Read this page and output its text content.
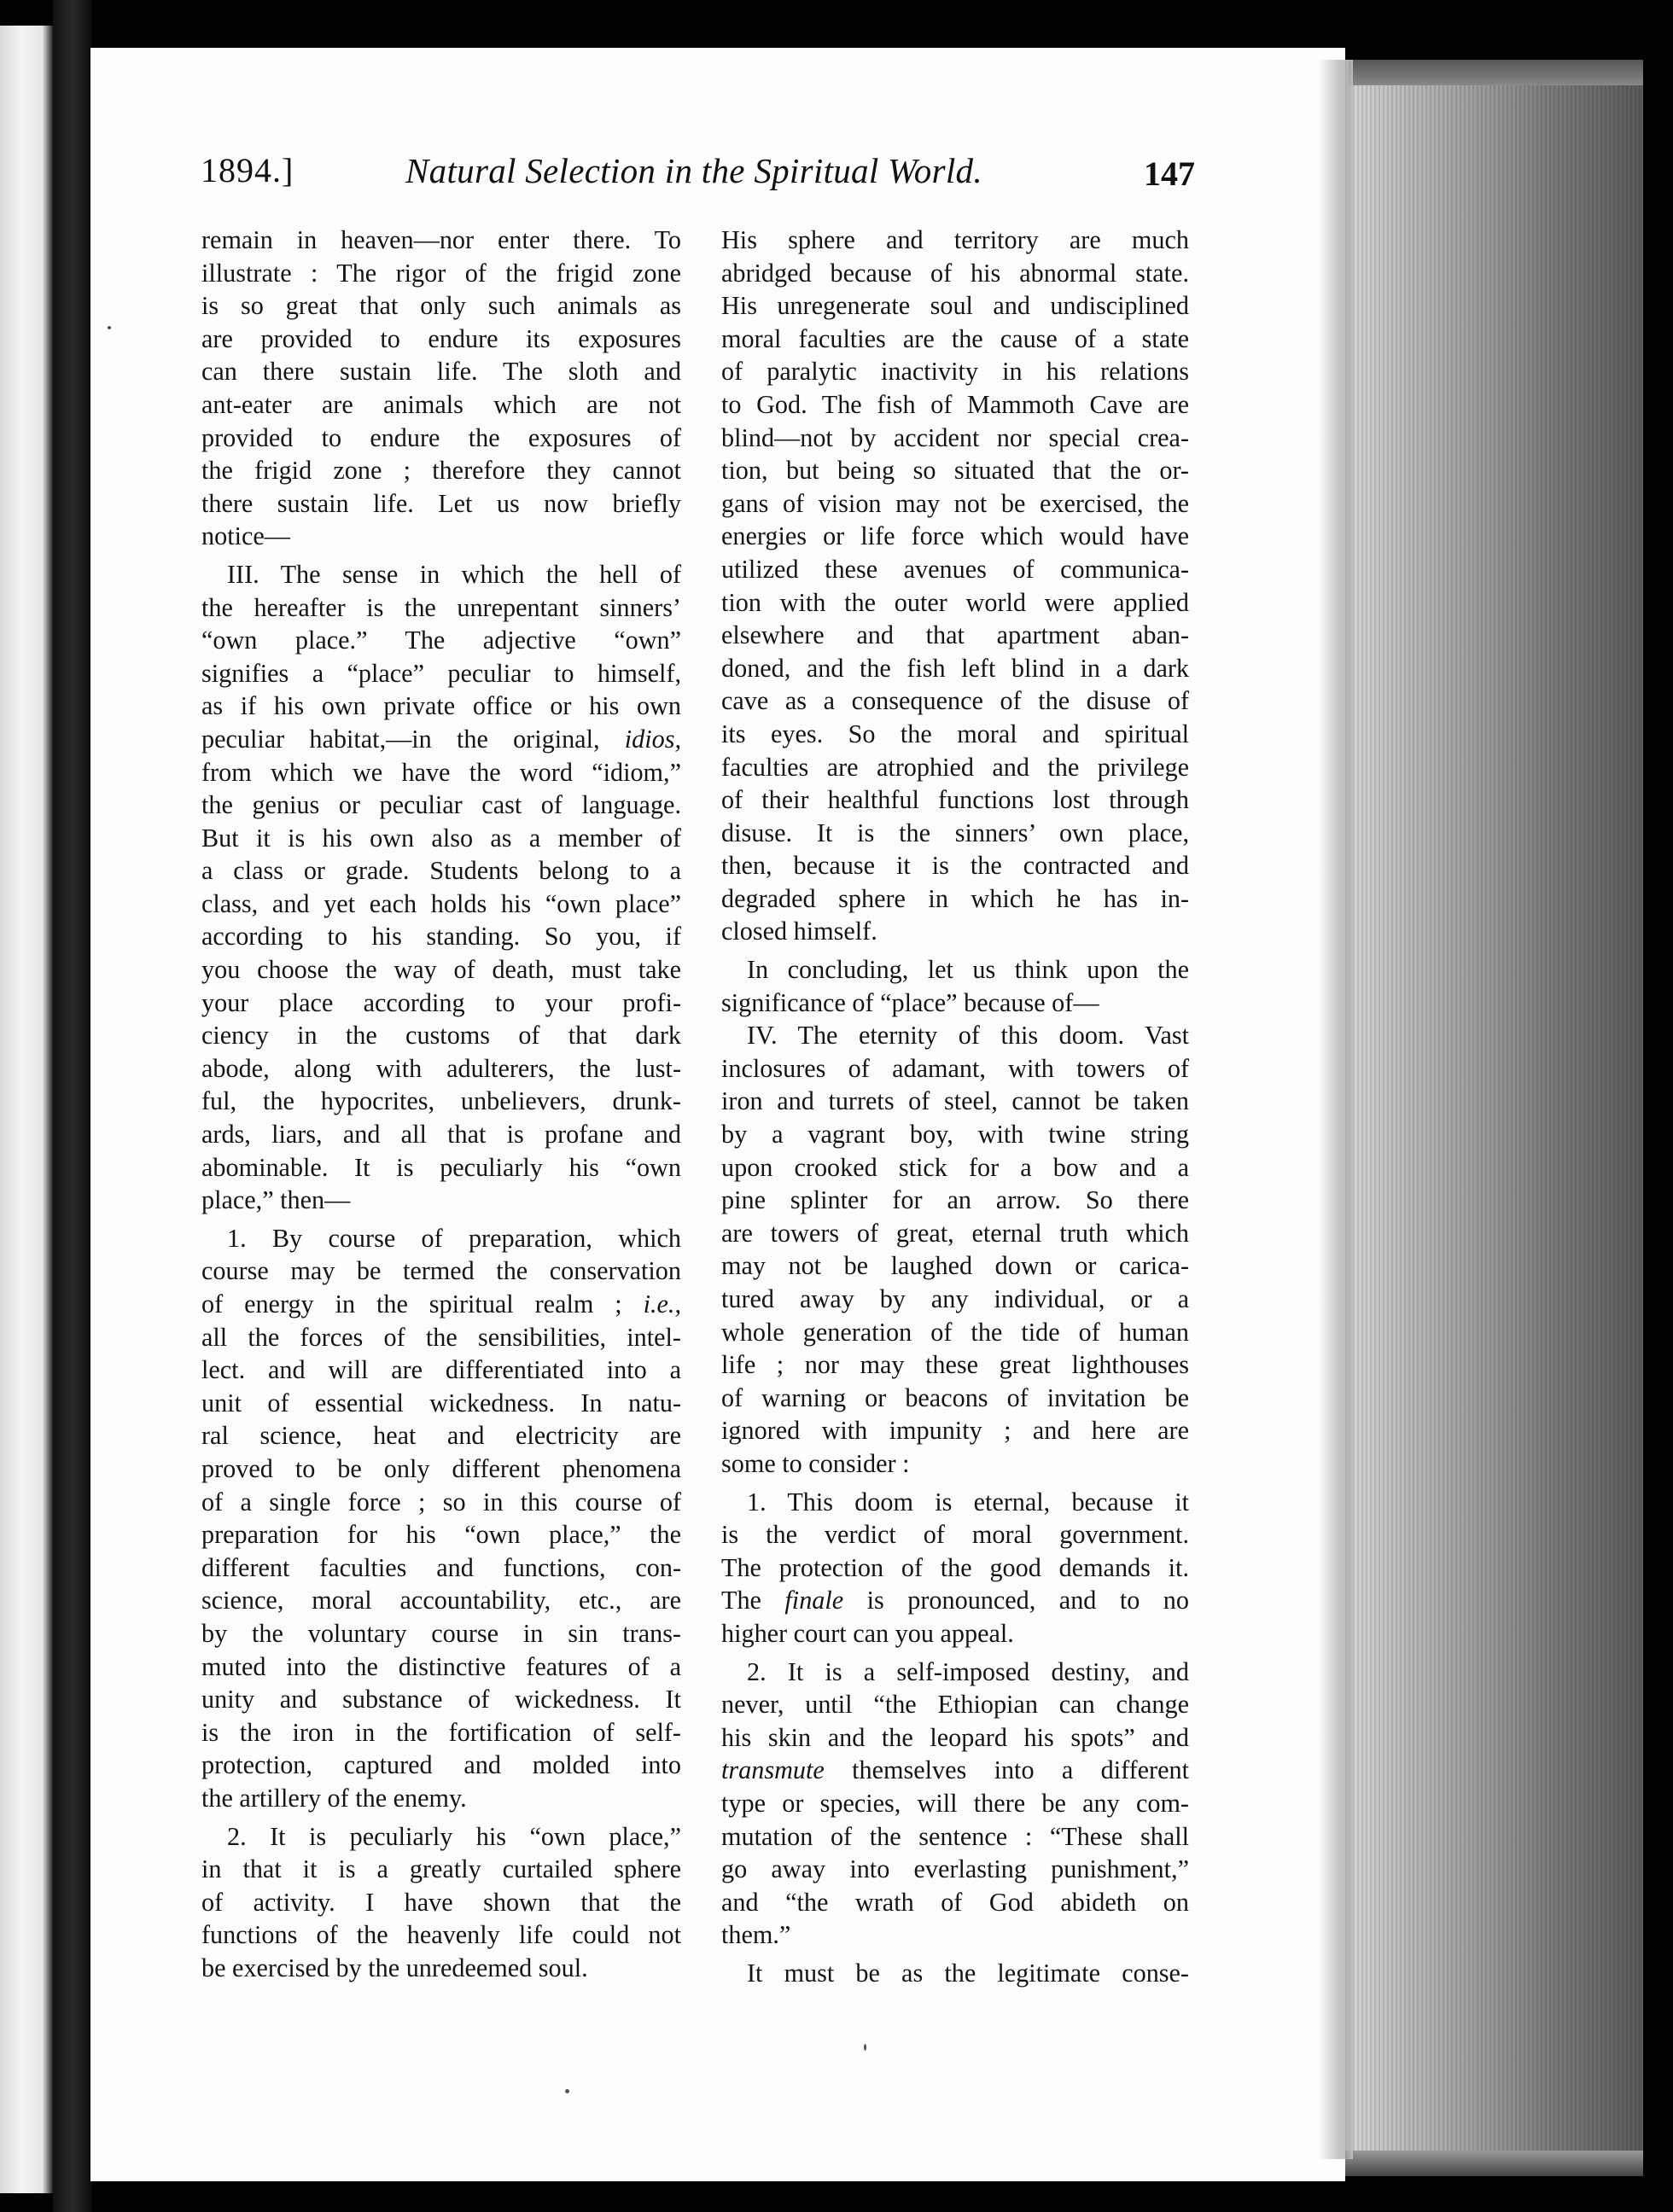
1894.]	Natural Selection in the Spiritual World.	147
remain in heaven—nor enter there. To
illustrate : The rigor of the frigid zone
is so great that only such animals as
are provided to endure its exposures
can there sustain life. The sloth and
ant-eater are animals which are not
provided to endure the exposures of
the frigid zone ; therefore they cannot
there sustain life. Let us now briefly
notice—
III. The sense in which the hell of
the hereafter is the unrepentant sinners’
“own place.” The adjective “own”
signifies a “place” peculiar to himself,
as if his own private office or his own
peculiar habitat,—in the original, idios,
from which we have the word “idiom,”
the genius or peculiar cast of language.
But it is his own also as a member of
a class or grade. Students belong to a
class, and yet each holds his “own place”
according to his standing. So you, if
you choose the way of death, must take
your place according to your profi-
ciency in the customs of that dark
abode, along with adulterers, the lust-
ful, the hypocrites, unbelievers, drunk-
ards, liars, and all that is profane and
abominable. It is peculiarly his “own
place,” then—
1. By course of preparation, which
course may be termed the conservation
of energy in the spiritual realm ; i.e.,
all the forces of the sensibilities, intel-
lect. and will are differentiated into a
unit of essential wickedness. In natu-
ral science, heat and electricity are
proved to be only different phenomena
of a single force ; so in this course of
preparation for his “own place,” the
different faculties and functions, con-
science, moral accountability, etc., are
by the voluntary course in sin trans-
muted into the distinctive features of a
unity and substance of wickedness. It
is the iron in the fortification of self-
protection, captured and molded into
the artillery of the enemy.
2. It is peculiarly his “own place,”
in that it is a greatly curtailed sphere
of activity. I have shown that the
functions of the heavenly life could not
be exercised by the unredeemed soul.
His sphere and territory are much
abridged because of his abnormal state.
His unregenerate soul and undisciplined
moral faculties are the cause of a state
of paralytic inactivity in his relations
to God. The fish of Mammoth Cave are
blind—not by accident nor special crea-
tion, but being so situated that the or-
gans of vision may not be exercised, the
energies or life force which would have
utilized these avenues of communica-
tion with the outer world were applied
elsewhere and that apartment aban-
doned, and the fish left blind in a dark
cave as a consequence of the disuse of
its eyes. So the moral and spiritual
faculties are atrophied and the privilege
of their healthful functions lost through
disuse. It is the sinners’ own place,
then, because it is the contracted and
degraded sphere in which he has in-
closed himself.
In concluding, let us think upon the
significance of “place” because of—
IV. The eternity of this doom. Vast
inclosures of adamant, with towers of
iron and turrets of steel, cannot be taken
by a vagrant boy, with twine string
upon crooked stick for a bow and a
pine splinter for an arrow. So there
are towers of great, eternal truth which
may not be laughed down or carica-
tured away by any individual, or a
whole generation of the tide of human
life ; nor may these great lighthouses
of warning or beacons of invitation be
ignored with impunity ; and here are
some to consider :
1. This doom is eternal, because it
is the verdict of moral government.
The protection of the good demands it.
The finale is pronounced, and to no
higher court can you appeal.
2. It is a self-imposed destiny, and
never, until “the Ethiopian can change
his skin and the leopard his spots” and
transmute themselves into a different
type or species, will there be any com-
mutation of the sentence : “These shall
go away into everlasting punishment,”
and “the wrath of God abideth on
them.”
It must be as the legitimate conse-
